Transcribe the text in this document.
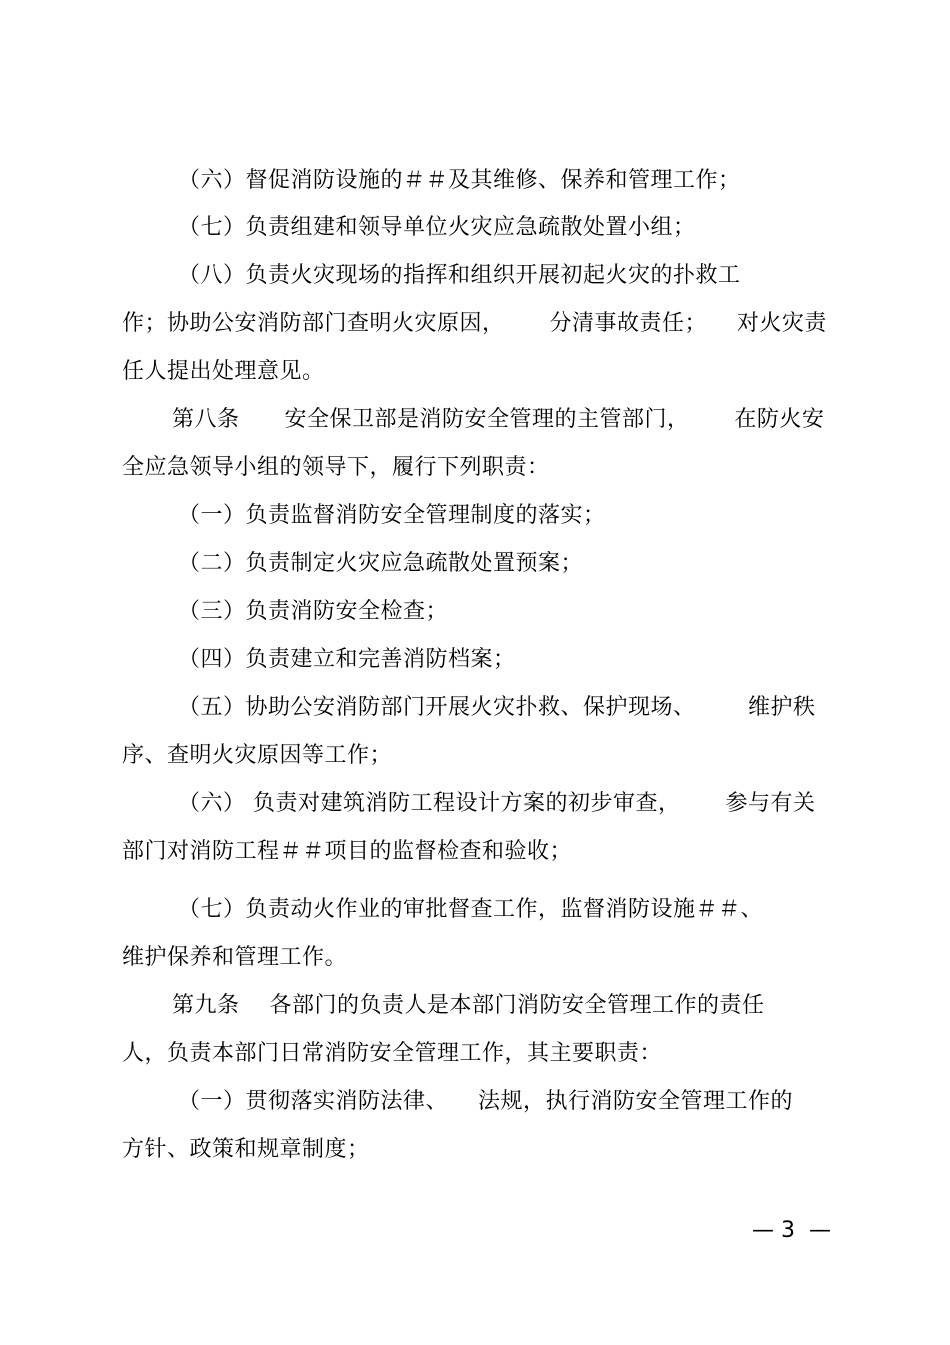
（六）督促消防设施的＃＃及其维修、保养和管理工作；
（七）负责组建和领导单位火灾应急疏散处置小组；
（八）负责火灾现场的指挥和组织开展初起火灾的扑救工
作；协助公安消防部门查明火灾原因，      分清事故责任；    对火灾责
任人提出处理意见。
第八条      安全保卫部是消防安全管理的主管部门，      在防火安
全应急领导小组的领导下，履行下列职责：
（一）负责监督消防安全管理制度的落实；
（二）负责制定火灾应急疏散处置预案；
（三）负责消防安全检查；
（四）负责建立和完善消防档案；
（五）协助公安消防部门开展火灾扑救、保护现场、       维护秩
序、查明火灾原因等工作；
（六） 负责对建筑消防工程设计方案的初步审查，      参与有关
部门对消防工程＃＃项目的监督检查和验收；
（七）负责动火作业的审批督查工作，监督消防设施＃＃、
维护保养和管理工作。
第九条    各部门的负责人是本部门消防安全管理工作的责任
人，负责本部门日常消防安全管理工作，其主要职责：
（一）贯彻落实消防法律、    法规，执行消防安全管理工作的
方针、政策和规章制度；
— 3  —
